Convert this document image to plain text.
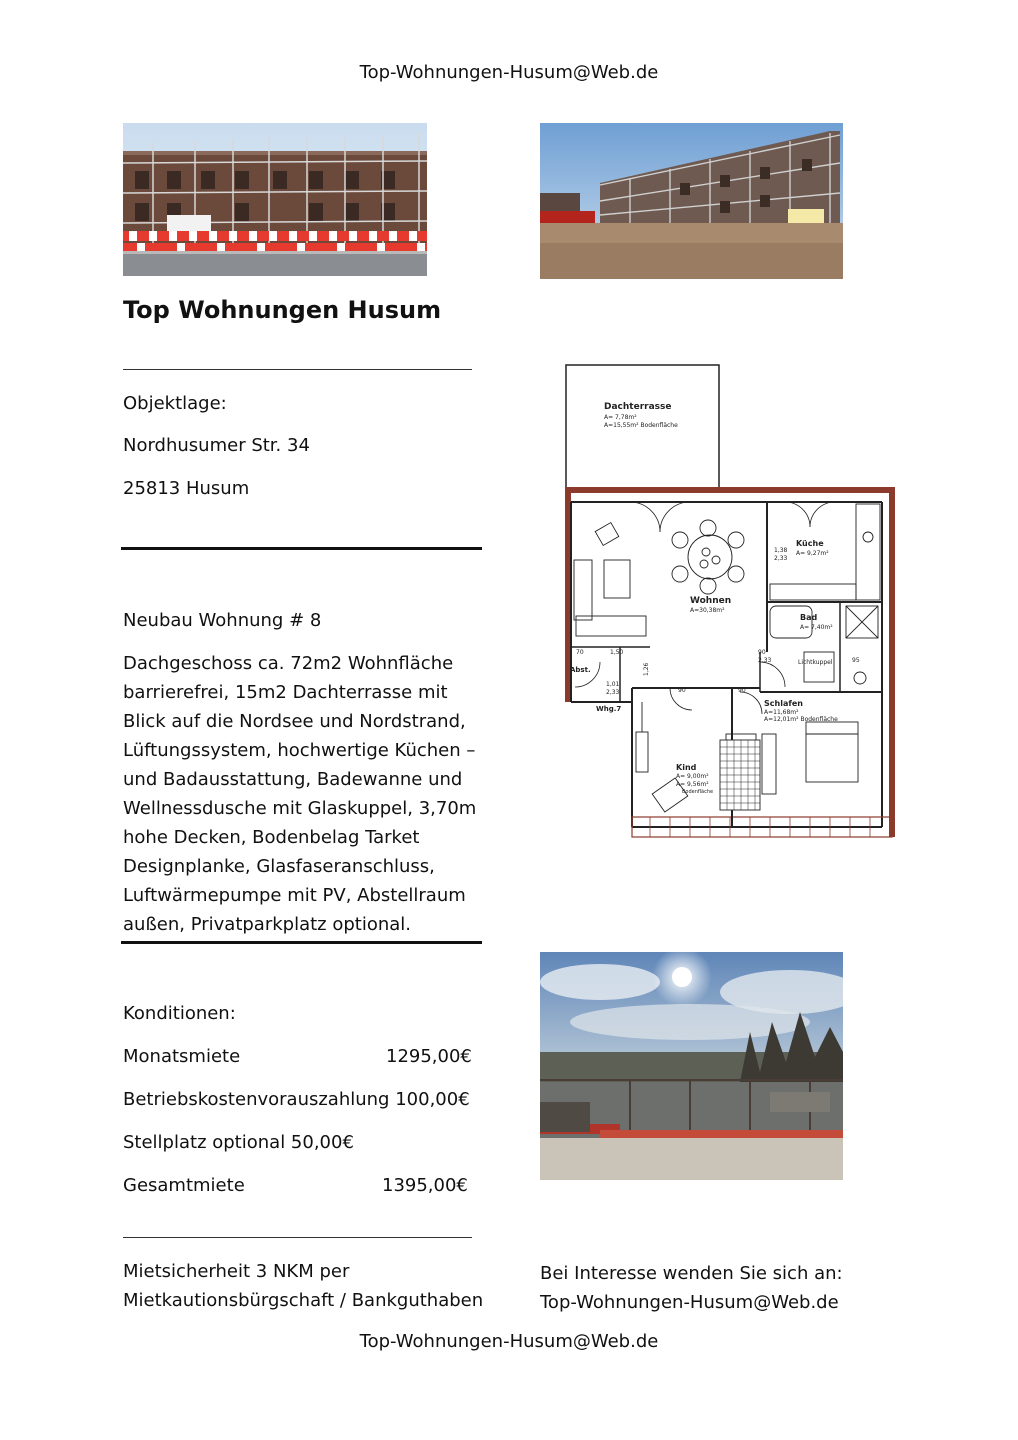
Top-Wohnungen-Husum@Web.de
Top Wohnungen Husum
Objektlage:
Nordhusumer Str. 34
25813 Husum
Neubau Wohnung # 8
Dachgeschoss ca. 72m2 Wohnfläche
barrierefrei, 15m2 Dachterrasse mit
Blick auf die Nordsee und Nordstrand,
Lüftungssystem, hochwertige Küchen –
und Badausstattung, Badewanne und
Wellnessdusche mit Glaskuppel, 3,70m
hohe Decken, Bodenbelag Tarket
Designplanke, Glasfaseranschluss,
Luftwärmepumpe mit PV, Abstellraum
außen, Privatparkplatz optional.
Konditionen:
Monatsmiete	1295,00€
Betriebskostenvorauszahlung 100,00€
Stellplatz optional 50,00€
Gesamtmiete	1395,00€
Mietsicherheit 3 NKM per
Mietkautionsbürgschaft / Bankguthaben
Bei Interesse wenden Sie sich an:
Top-Wohnungen-Husum@Web.de
Top-Wohnungen-Husum@Web.de
Dachterrasse
A= 7,78m²
A=15,55m² Bodenfläche
Küche
A= 9,27m²
1,38
2,33
Wohnen
A=30,38m²
Bad
A= 7,40m²
Lichtkuppel
90
2,33
Abst.
70	1,50
1,01
2,33
Whg.7
1,26
90	90
95
Schlafen
A=11,68m²
A=12,01m² Bodenfläche
Kind
A= 9,00m²
A= 9,56m²
Bodenfläche
